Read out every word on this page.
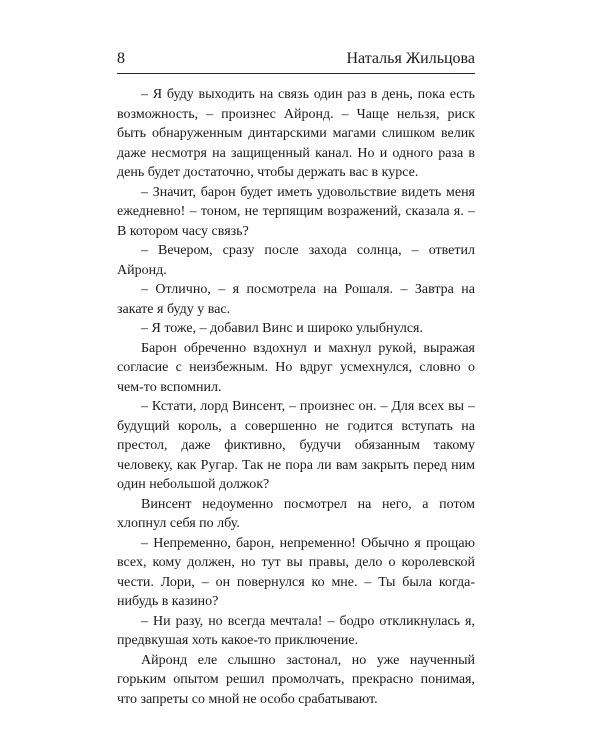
8	Наталья Жильцова

– Я буду выходить на связь один раз в день, пока есть возможность, – произнес Айронд. – Чаще нельзя, риск быть обнаруженным динтарскими магами слишком велик даже несмотря на защищенный канал. Но и одного раза в день будет достаточно, чтобы держать вас в курсе.

– Значит, барон будет иметь удовольствие видеть меня ежедневно! – тоном, не терпящим возражений, сказала я. – В котором часу связь?

– Вечером, сразу после захода солнца, – ответил Айронд.

– Отлично, – я посмотрела на Рошаля. – Завтра на закате я буду у вас.

– Я тоже, – добавил Винс и широко улыбнулся.

Барон обреченно вздохнул и махнул рукой, выражая согласие с неизбежным. Но вдруг усмехнулся, словно о чем-то вспомнил.

– Кстати, лорд Винсент, – произнес он. – Для всех вы – будущий король, а совершенно не годится вступать на престол, даже фиктивно, будучи обязанным такому человеку, как Ругар. Так не пора ли вам закрыть перед ним один небольшой должок?

Винсент недоуменно посмотрел на него, а потом хлопнул себя по лбу.

– Непременно, барон, непременно! Обычно я прощаю всех, кому должен, но тут вы правы, дело о королевской чести. Лори, – он повернулся ко мне. – Ты была когда-нибудь в казино?

– Ни разу, но всегда мечтала! – бодро откликнулась я, предвкушая хоть какое-то приключение.

Айронд еле слышно застонал, но уже наученный горьким опытом решил промолчать, прекрасно понимая, что запреты со мной не особо срабатывают.
